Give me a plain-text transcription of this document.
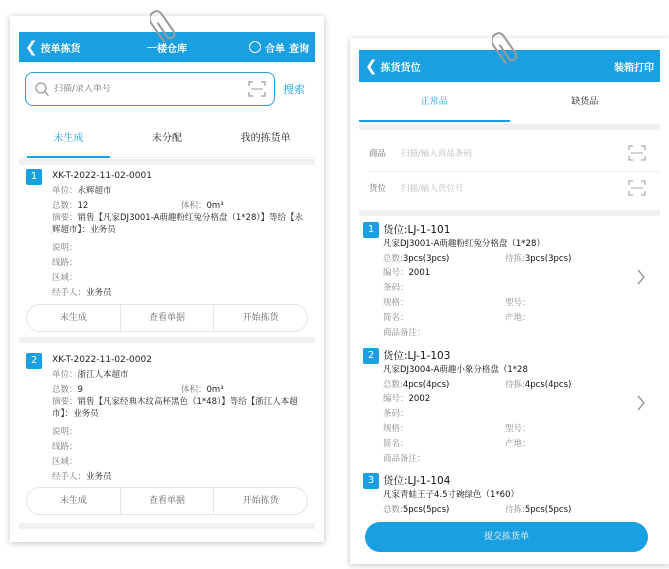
❮ 按单拣货	一楼仓库	合单 查询
扫描/录入单号
搜索
未生成	未分配	我的拣货单
1	XK-T-2022-11-02-0001
单位：永辉超市
总数：12	体积：0m³
摘要：销售【凡家DJ3001-A萌趣粉红兔分格盘（1*28）】等给【永辉超市】：业务员
说明：
线路：
区域：
经手人：业务员
未生成	查看单据	开始拣货
2	XK-T-2022-11-02-0002
单位：浙江人本超市
总数：9	体积：0m³
摘要：销售【凡家经典木纹高杯黑色（1*48）】等给【浙江人本超市】：业务员
说明：
线路：
区域：
经手人：业务员
未生成	查看单据	开始拣货
❮ 拣货货位	装箱打印
正常品	缺货品
商品	扫描/输入商品条码
货位	扫描/输入货位号
1 货位:LJ-1-101
凡家DJ3001-A萌趣粉红兔分格盘（1*28）
总数:3pcs(3pcs)	待拣:3pcs(3pcs)
编号：2001
条码：
规格：	型号：
简名：	产地：
商品备注：
2 货位:LJ-1-103
凡家DJ3004-A萌趣小象分格盘（1*28
总数:4pcs(4pcs)	待拣:4pcs(4pcs)
编号：2002
条码：
规格：	型号：
简名：	产地：
商品备注：
3 货位:LJ-1-104
凡家青蛙王子4.5寸碗绿色（1*60）
总数:5pcs(5pcs)	待拣:5pcs(5pcs)
提交拣货单
